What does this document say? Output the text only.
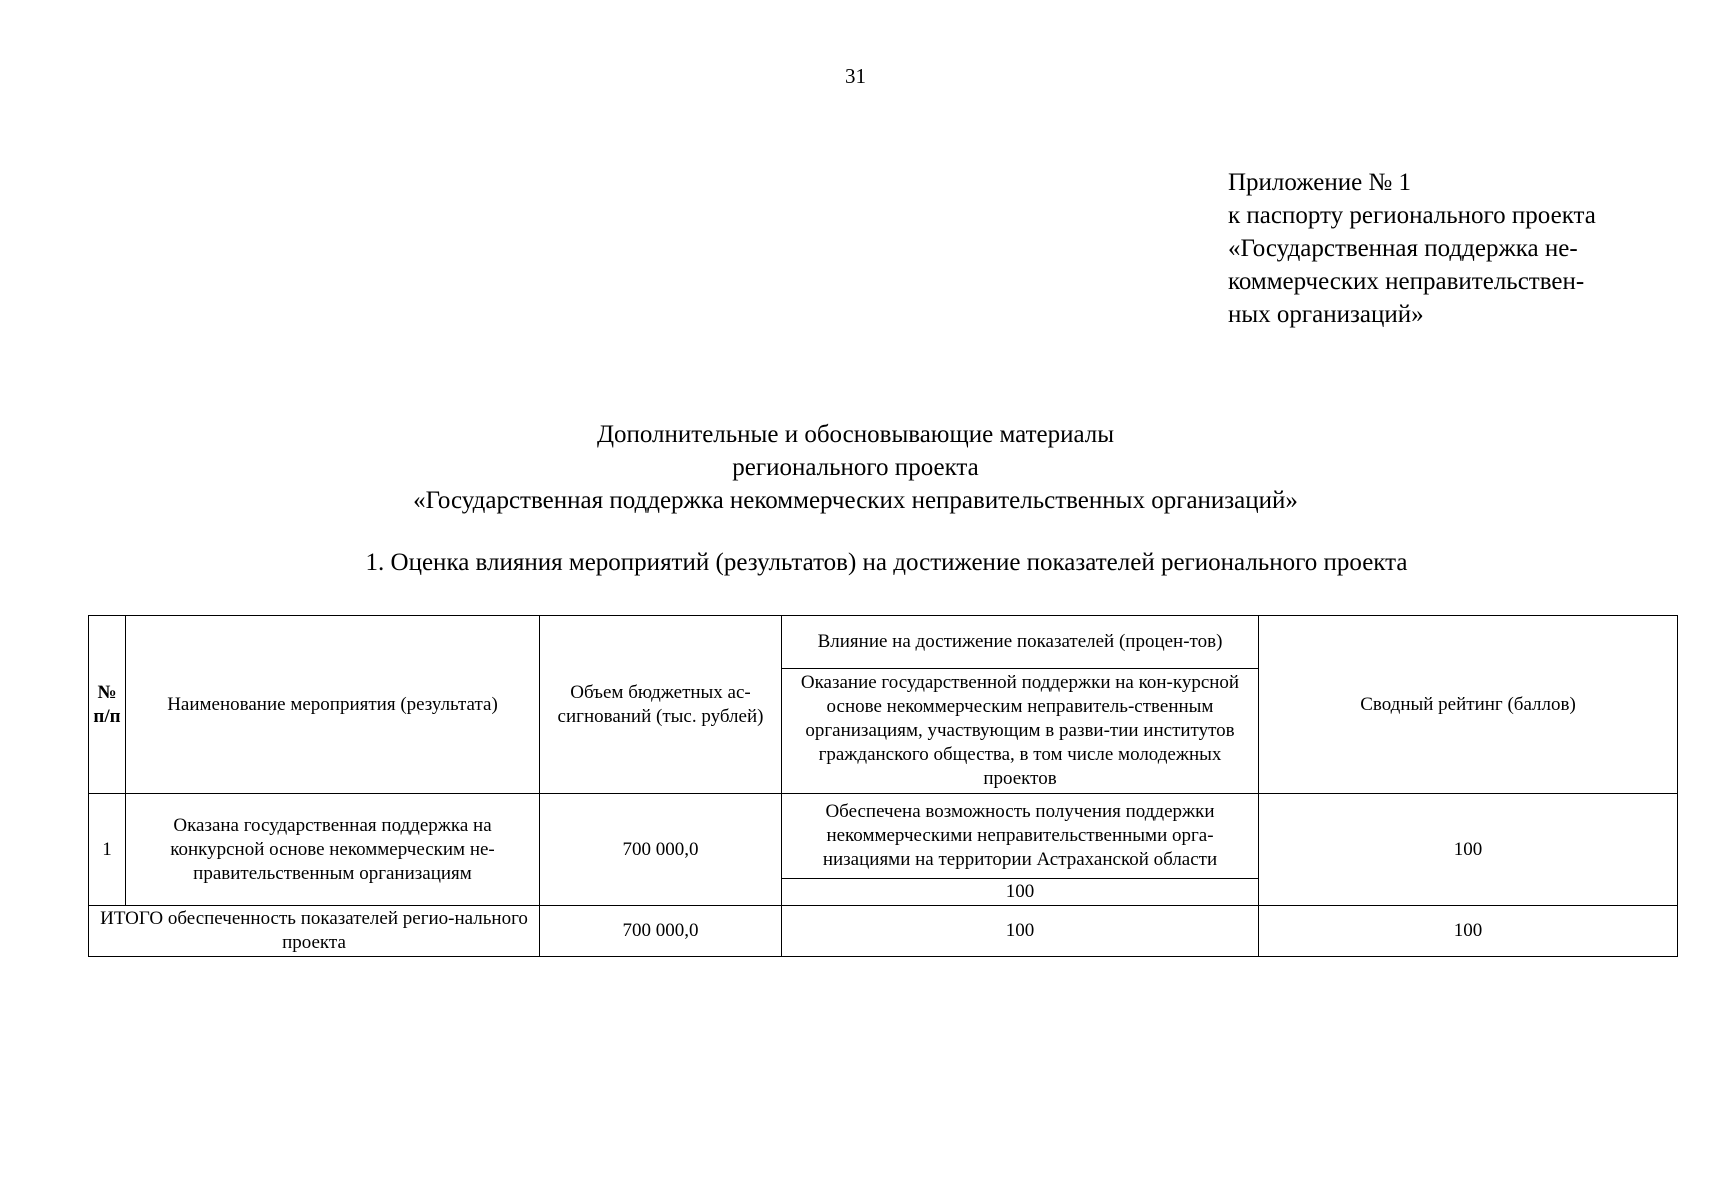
31
Приложение № 1
к паспорту регионального проекта
«Государственная поддержка не-
коммерческих неправительствен-
ных организаций»
Дополнительные и обосновывающие материалы
регионального проекта
«Государственная поддержка некоммерческих неправительственных организаций»
1. Оценка влияния мероприятий (результатов) на достижение показателей регионального проекта
№ п/п	Наименование мероприятия (результата)	Объем бюджетных ас-сигнований (тыс. рублей)	Влияние на достижение показателей (процен-тов)	Сводный рейтинг (баллов)
			Оказание государственной поддержки на кон-курсной основе некоммерческим неправитель-ственным организациям, участвующим в разви-тии институтов гражданского общества, в том числе молодежных проектов	
1	Оказана государственная поддержка на конкурсной основе некоммерческим не-правительственным организациям	700 000,0	Обеспечена возможность получения поддержки некоммерческими неправительственными орга-низациями на территории Астраханской области	100
			100	
ИТОГО обеспеченность показателей регио-нального проекта		700 000,0	100	100
